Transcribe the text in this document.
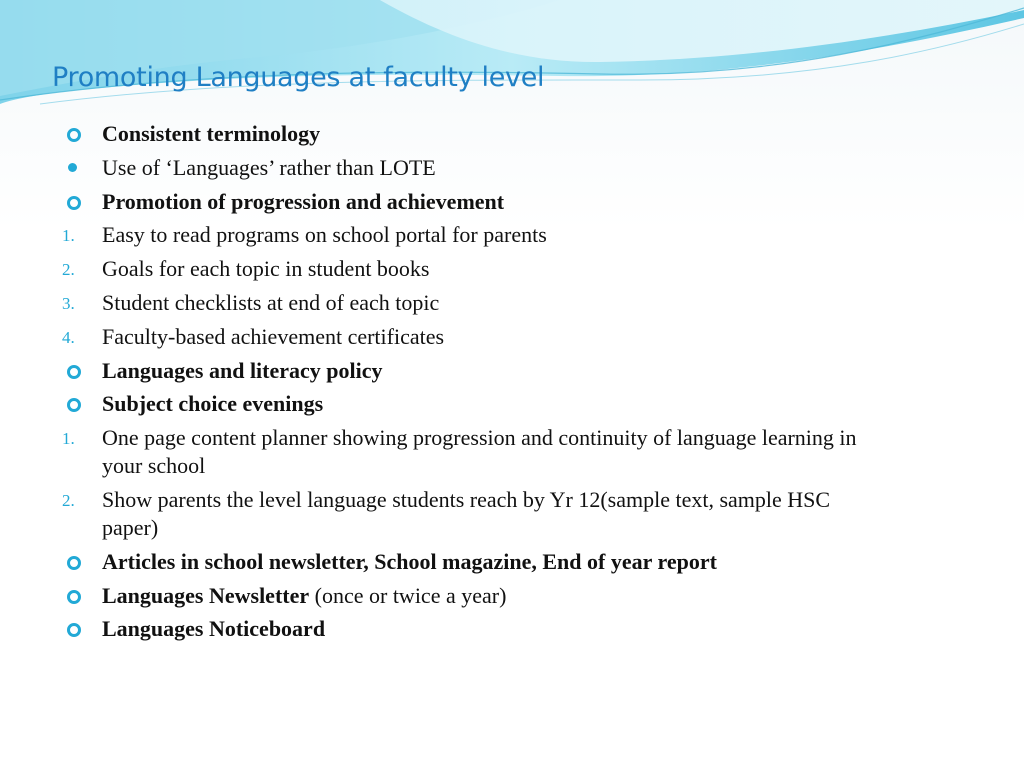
Promoting Languages at faculty level
Consistent terminology
Use of ‘Languages’ rather than LOTE
Promotion of progression and achievement
1. Easy to read programs on school portal for parents
2. Goals for each topic in student books
3. Student checklists at end of each topic
4. Faculty-based achievement certificates
Languages and literacy policy
Subject choice evenings
1. One page content planner showing progression and continuity of language learning in your school
2. Show parents the level language students reach by Yr 12(sample text, sample HSC paper)
Articles in school newsletter, School magazine, End of year report
Languages Newsletter (once or twice a year)
Languages Noticeboard
